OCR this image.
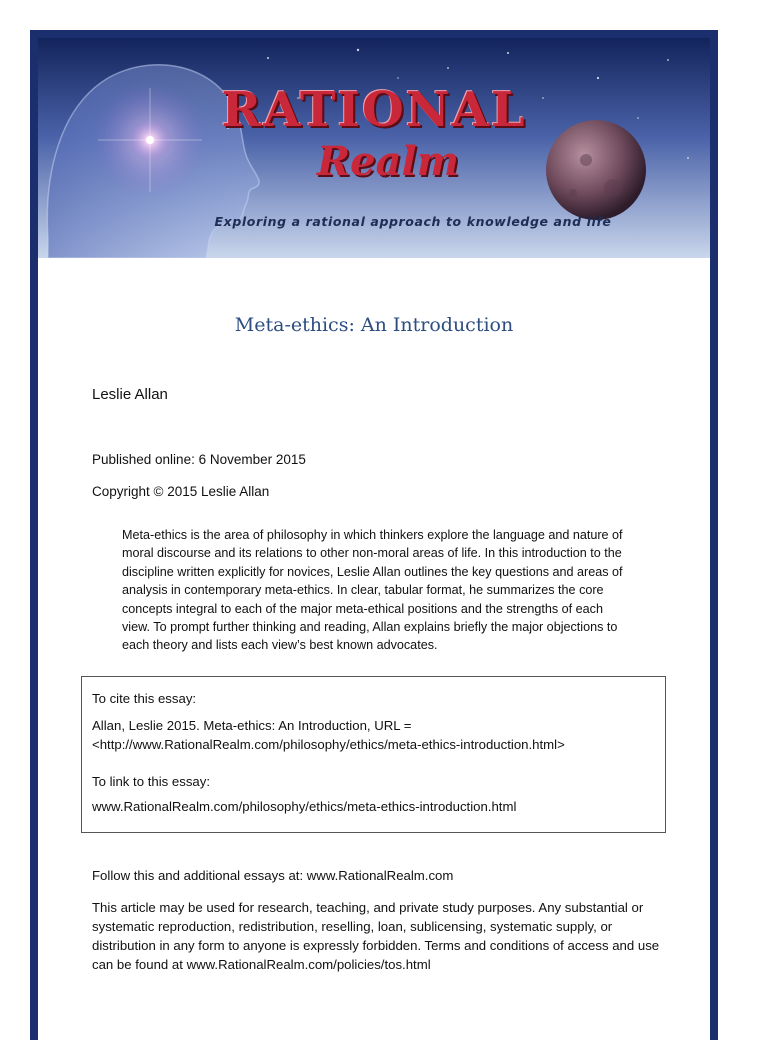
RATIONAL
Realm
Exploring a rational approach to knowledge and life
Meta-ethics: An Introduction
Leslie Allan
Published online: 6 November 2015
Copyright © 2015 Leslie Allan
Meta-ethics is the area of philosophy in which thinkers explore the language and nature of moral discourse and its relations to other non-moral areas of life. In this introduction to the discipline written explicitly for novices, Leslie Allan outlines the key questions and areas of analysis in contemporary meta-ethics. In clear, tabular format, he summarizes the core concepts integral to each of the major meta-ethical positions and the strengths of each view. To prompt further thinking and reading, Allan explains briefly the major objections to each theory and lists each view’s best known advocates.

To cite this essay:

Allan, Leslie 2015. Meta-ethics: An Introduction, URL = <http://www.RationalRealm.com/philosophy/ethics/meta-ethics-introduction.html>

To link to this essay:

www.RationalRealm.com/philosophy/ethics/meta-ethics-introduction.html

Follow this and additional essays at: www.RationalRealm.com
This article may be used for research, teaching, and private study purposes. Any substantial or systematic reproduction, redistribution, reselling, loan, sublicensing, systematic supply, or distribution in any form to anyone is expressly forbidden. Terms and conditions of access and use can be found at www.RationalRealm.com/policies/tos.html
